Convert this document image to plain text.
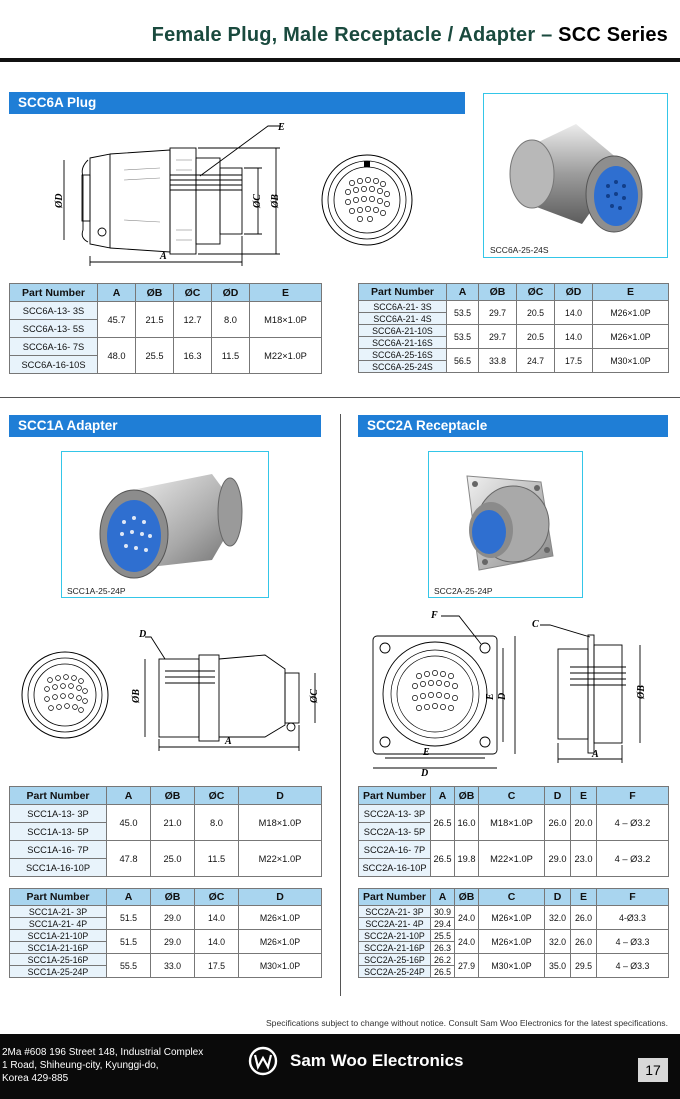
Female Plug, Male Receptacle / Adapter – SCC Series
SCC6A Plug
E
ØD
A
ØC ØB
SCC6A-25-24S
Part Number	A	ØB	ØC	ØD	E
SCC6A-13- 3S	45.7	21.5	12.7	8.0	M18×1.0P
SCC6A-13- 5S					
SCC6A-16- 7S	48.0	25.5	16.3	11.5	M22×1.0P
SCC6A-16-10S					
Part Number	A	ØB	ØC	ØD	E
SCC6A-21- 3S	53.5	29.7	20.5	14.0	M26×1.0P
SCC6A-21- 4S					
SCC6A-21-10S	53.5	29.7	20.5	14.0	M26×1.0P
SCC6A-21-16S					
SCC6A-25-16S	56.5	33.8	24.7	17.5	M30×1.0P
SCC6A-25-24S					
SCC1A Adapter
SCC1A-25-24P
D
ØB	ØC
A
Part Number	A	ØB	ØC	D
SCC1A-13- 3P	45.0	21.0	8.0	M18×1.0P
SCC1A-13- 5P				
SCC1A-16- 7P	47.8	25.0	11.5	M22×1.0P
SCC1A-16-10P				
Part Number	A	ØB	ØC	D
SCC1A-21- 3P	51.5	29.0	14.0	M26×1.0P
SCC1A-21- 4P				
SCC1A-21-10P	51.5	29.0	14.0	M26×1.0P
SCC1A-21-16P				
SCC1A-25-16P	55.5	33.0	17.5	M30×1.0P
SCC1A-25-24P				
SCC2A Receptacle
SCC2A-25-24P
F
E D
E
D
C
ØB
A
Part Number	A	ØB	C	D	E	F
SCC2A-13- 3P	26.5	16.0	M18×1.0P	26.0	20.0	4 – Ø3.2
SCC2A-13- 5P						
SCC2A-16- 7P	26.5	19.8	M22×1.0P	29.0	23.0	4 – Ø3.2
SCC2A-16-10P						
Part Number	A	ØB	C	D	E	F
SCC2A-21- 3P	30.9	24.0	M26×1.0P	32.0	26.0	4-Ø3.3
SCC2A-21- 4P	29.4					
SCC2A-21-10P	25.5	24.0	M26×1.0P	32.0	26.0	4 – Ø3.3
SCC2A-21-16P	26.3					
SCC2A-25-16P	26.2	27.9	M30×1.0P	35.0	29.5	4 – Ø3.3
SCC2A-25-24P	26.5					
Specifications subject to change without notice. Consult Sam Woo Electronics for the latest specifications.
2Ma #608 196 Street 148, Industrial Complex
1 Road, Shiheung-city, Kyunggi-do,
Korea 429-885
Sam Woo Electronics	17
